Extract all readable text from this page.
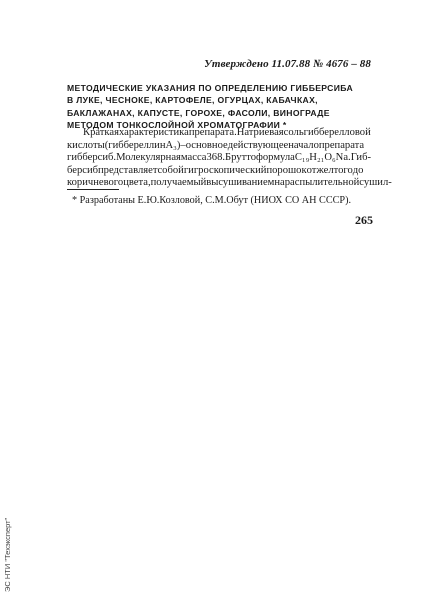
Утверждено 11.07.88 № 4676 – 88
МЕТОДИЧЕСКИЕ УКАЗАНИЯ ПО ОПРЕДЕЛЕНИЮ ГИББЕРСИБА
В ЛУКЕ, ЧЕСНОКЕ, КАРТОФЕЛЕ, ОГУРЦАХ, КАБАЧКАХ,
БАКЛАЖАНАХ, КАПУСТЕ, ГОРОХЕ, ФАСОЛИ, ВИНОГРАДЕ
МЕТОДОМ ТОНКОСЛОЙНОЙ ХРОМАТОГРАФИИ *
Краткая характеристика препарата. Натриевая соль гибберелловой
кислоты (гиббереллин А₃) – основное действующее начало препарата
гибберсиб. Молекулярная масса 368. Брутто формула C₁₉H₂₁O₆Na. Гиб-
берсиб представляет собой гигроскопический порошок от желтого до
коричневого цвета, получаемый высушиванием на распылительной сушил-
* Разработаны Е.Ю.Козловой, С.М.Обут (НИОХ СО АН СССР).
265
ЭС НТИ "Техэксперт"
